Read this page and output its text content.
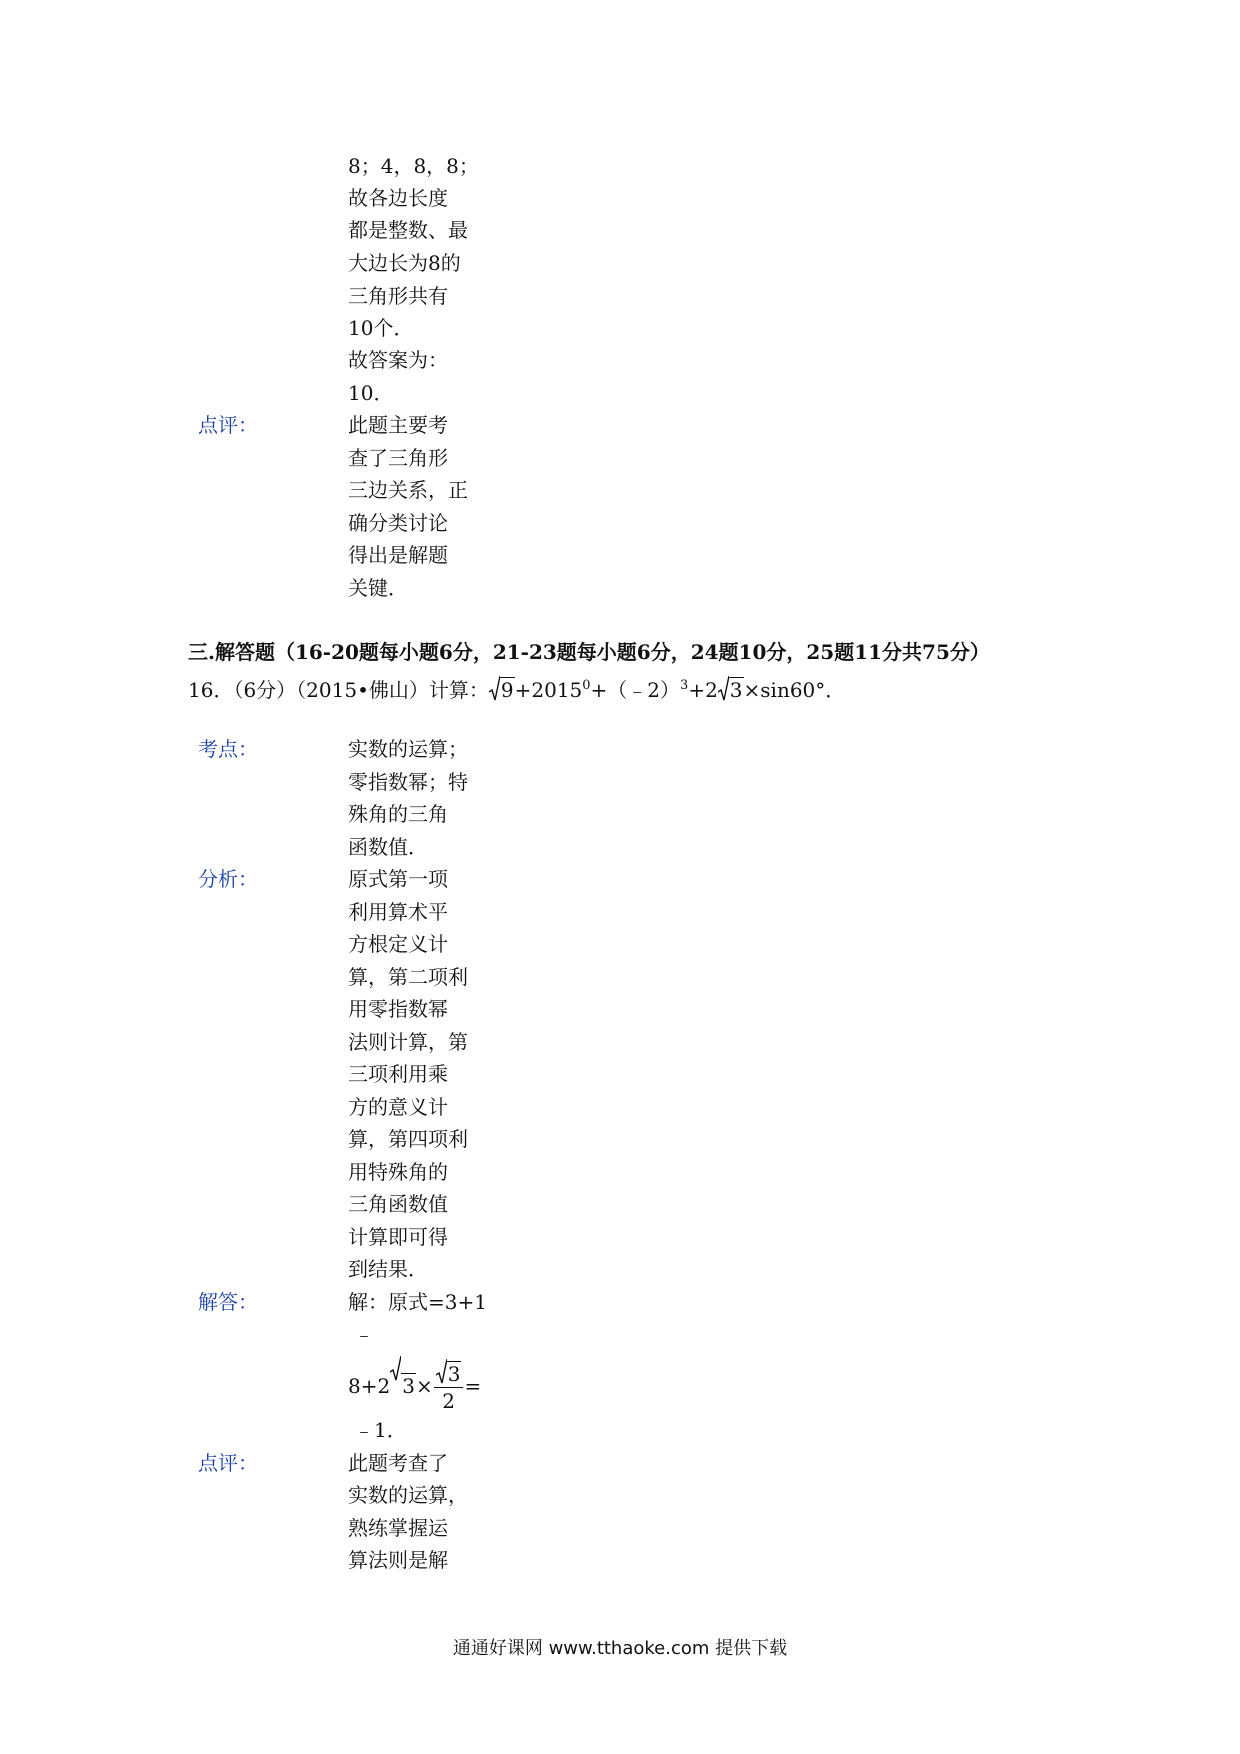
8；4，8，8；
故各边长度
都是整数、最
大边长为8的
三角形共有
10个．
故答案为：
10．
点评：	此题主要考
查了三角形
三边关系，正
确分类讨论
得出是解题
关键．
三.解答题（16-20题每小题6分，21-23题每小题6分，24题10分，25题11分共75分）
16．（6分）（2015•佛山）计算： $9+2015^0+(﹣2)^3+2$ 3×sin60°．
考点：	实数的运算；
零指数幂；特
殊角的三角
函数值．
分析：	原式第一项
利用算术平
方根定义计
算，第二项利
用零指数幂
法则计算，第
三项利用乘
方的意义计
算，第四项利
用特殊角的
三角函数值
计算即可得
到结果．
解答：	解：原式=3+1
﹣
8+2 $3\times \frac{3}{2}$ =
﹣1．
点评：	此题考查了
实数的运算，
熟练掌握运
算法则是解
通通好课网 www.tthaoke.com 提供下载
